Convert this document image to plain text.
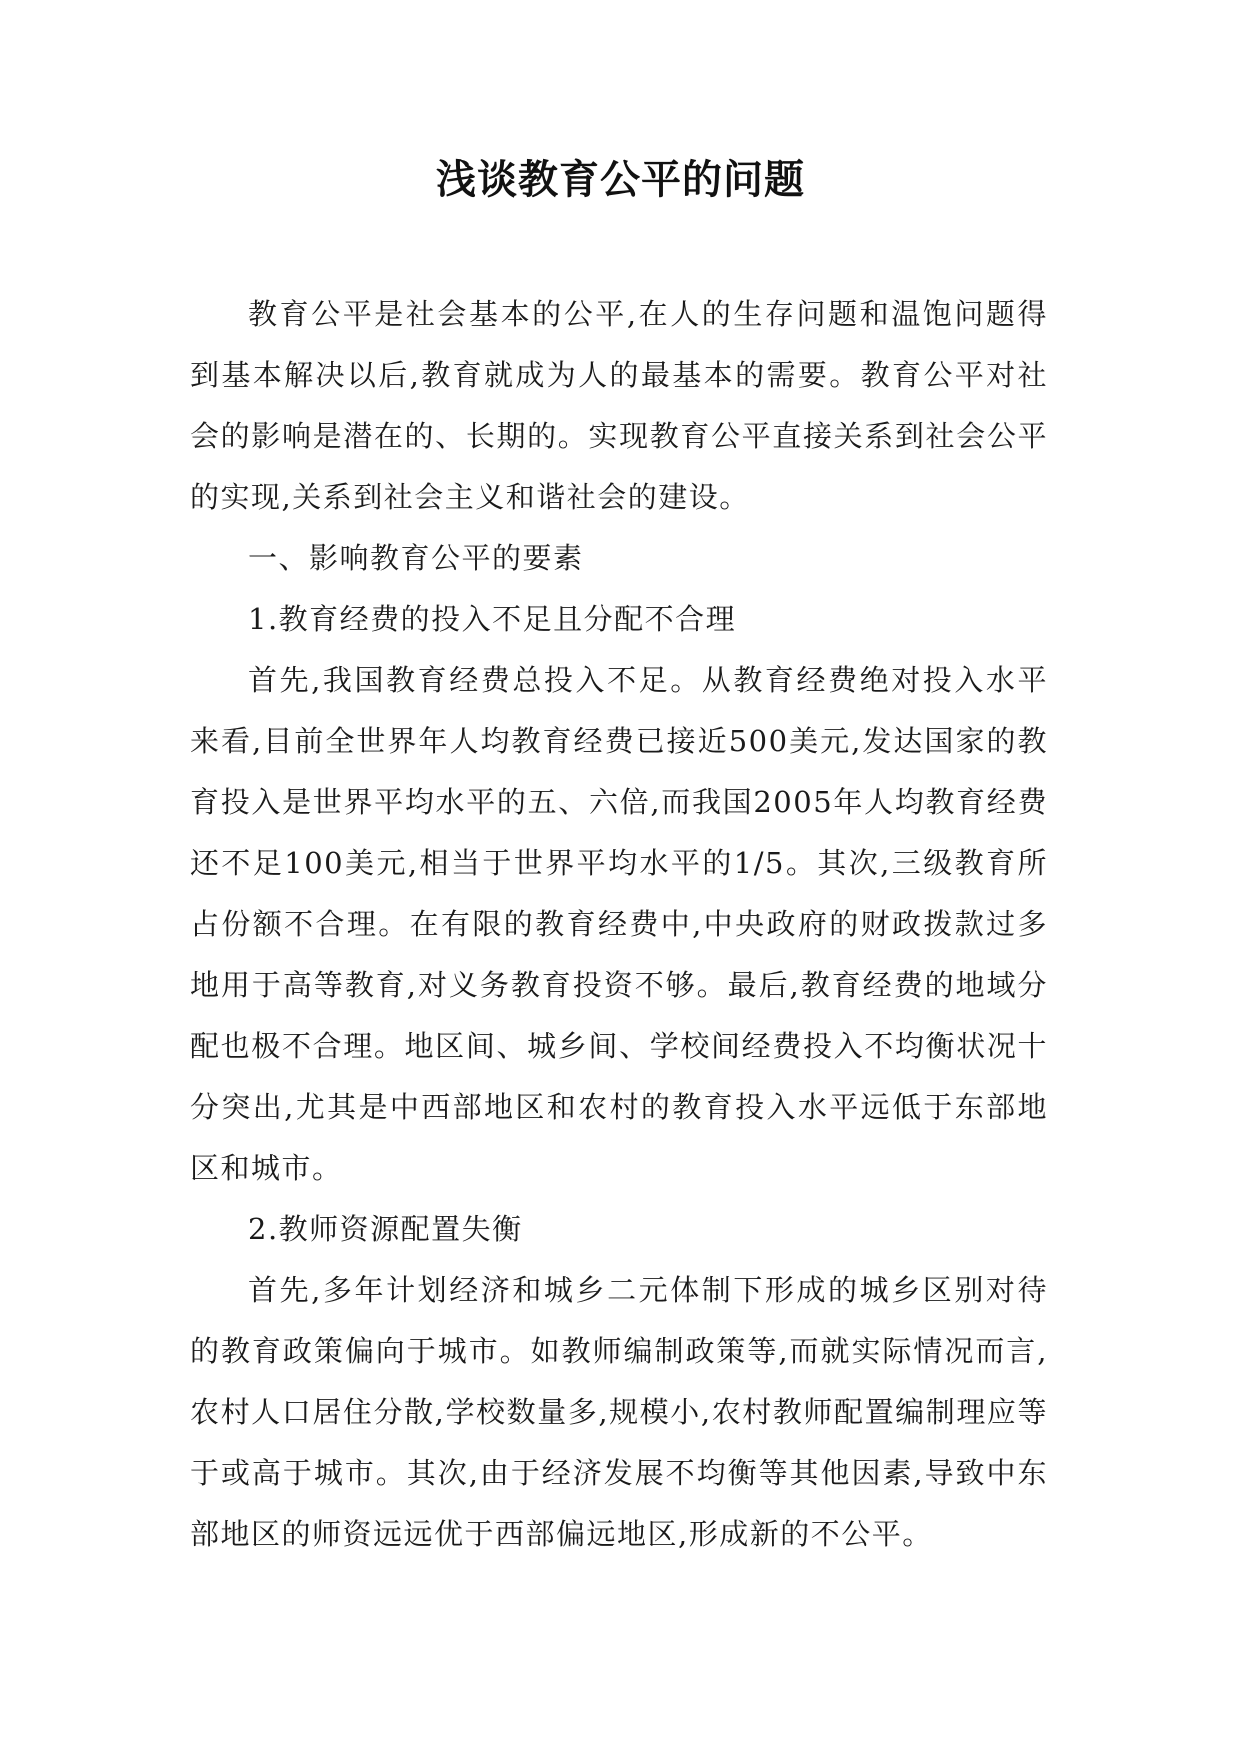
浅谈教育公平的问题

教育公平是社会基本的公平,在人的生存问题和温饱问题得到基本解决以后,教育就成为人的最基本的需要。教育公平对社会的影响是潜在的、长期的。实现教育公平直接关系到社会公平的实现,关系到社会主义和谐社会的建设。

一、影响教育公平的要素

1.教育经费的投入不足且分配不合理

首先,我国教育经费总投入不足。从教育经费绝对投入水平来看,目前全世界年人均教育经费已接近500美元,发达国家的教育投入是世界平均水平的五、六倍,而我国2005年人均教育经费还不足100美元,相当于世界平均水平的1/5。其次,三级教育所占份额不合理。在有限的教育经费中,中央政府的财政拨款过多地用于高等教育,对义务教育投资不够。最后,教育经费的地域分配也极不合理。地区间、城乡间、学校间经费投入不均衡状况十分突出,尤其是中西部地区和农村的教育投入水平远低于东部地区和城市。

2.教师资源配置失衡

首先,多年计划经济和城乡二元体制下形成的城乡区别对待的教育政策偏向于城市。如教师编制政策等,而就实际情况而言,农村人口居住分散,学校数量多,规模小,农村教师配置编制理应等于或高于城市。其次,由于经济发展不均衡等其他因素,导致中东部地区的师资远远优于西部偏远地区,形成新的不公平。
